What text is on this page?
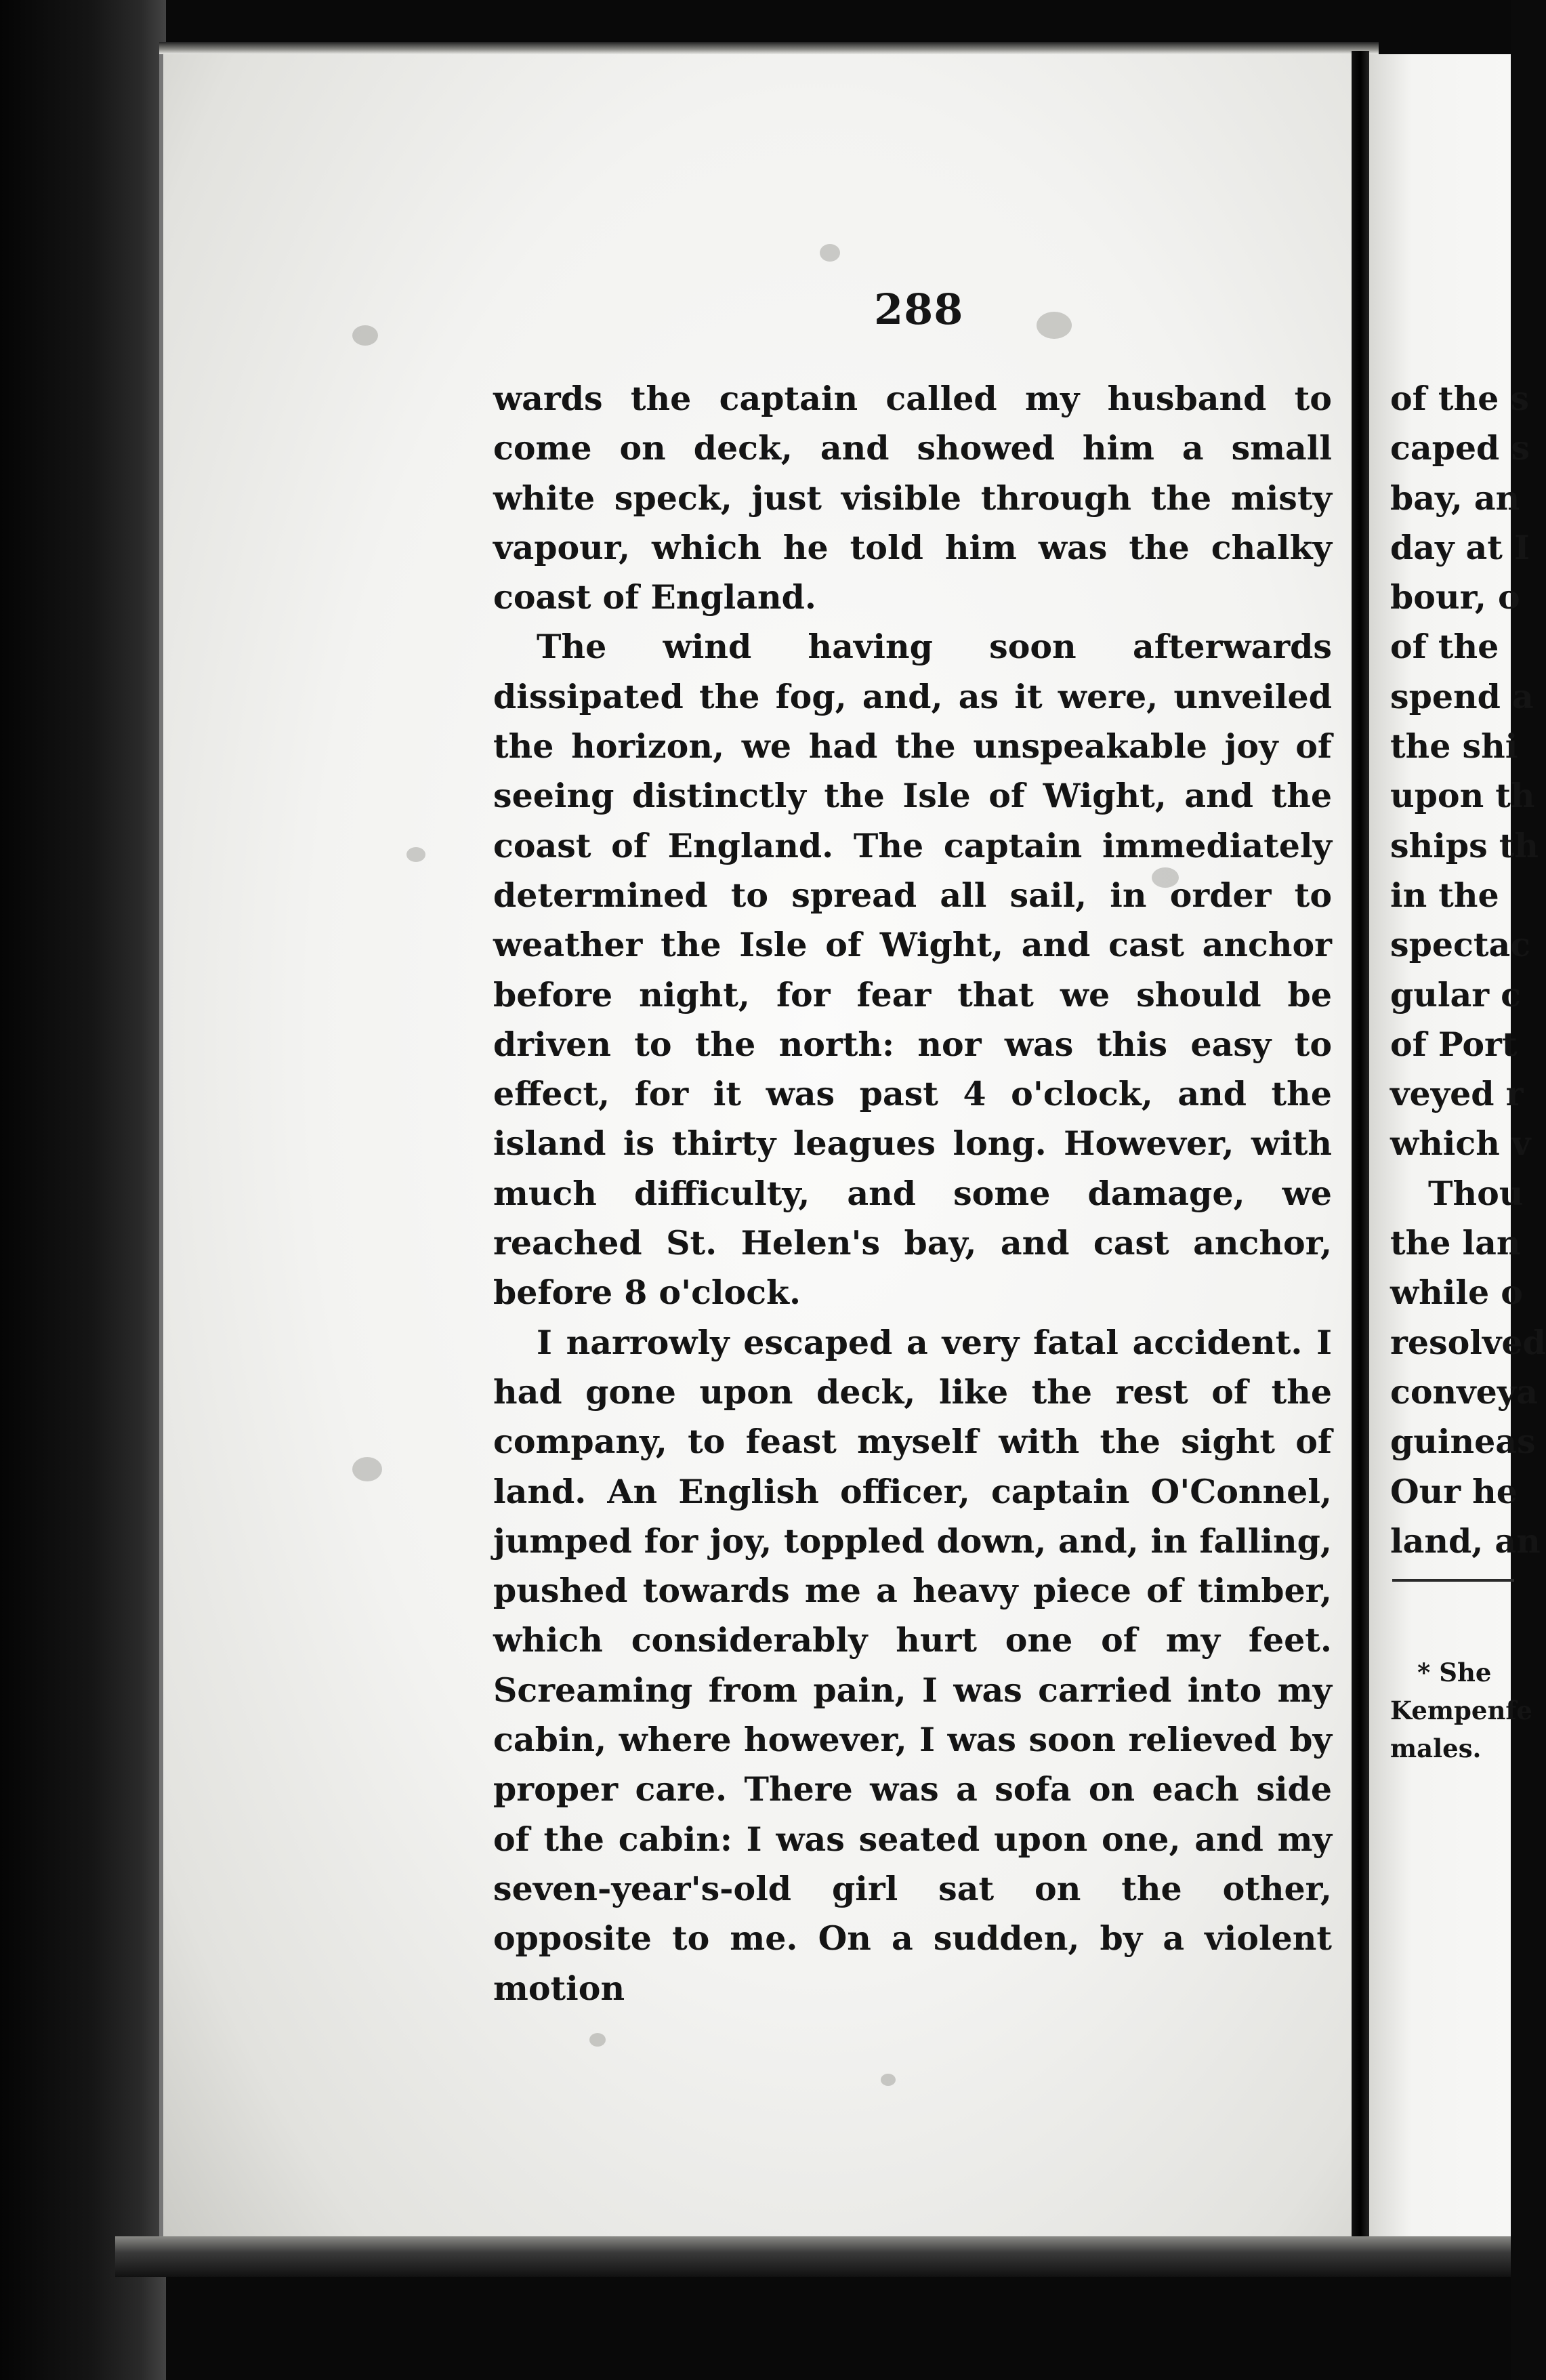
288

wards the captain called my husband to come on deck, and showed him a small white speck, just visible through the misty vapour, which he told him was the chalky coast of England.

The wind having soon afterwards dissipated the fog, and, as it were, unveiled the horizon, we had the unspeakable joy of seeing distinctly the Isle of Wight, and the coast of England. The captain immediately determined to spread all sail, in order to weather the Isle of Wight, and cast anchor before night, for fear that we should be driven to the north: nor was this easy to effect, for it was past 4 o'clock, and the island is thirty leagues long. However, with much difficulty, and some damage, we reached St. Helen's bay, and cast anchor, before 8 o'clock.

I narrowly escaped a very fatal accident. I had gone upon deck, like the rest of the company, to feast myself with the sight of land. An English officer, captain O'Connel, jumped for joy, toppled down, and, in falling, pushed towards me a heavy piece of timber, which considerably hurt one of my feet. Screaming from pain, I was carried into my cabin, where however, I was soon relieved by proper care. There was a sofa on each side of the cabin: I was seated upon one, and my seven-year's-old girl sat on the other, opposite to me. On a sudden, by a violent motion

of the s
caped s
bay, an
day at I
bour, o
of the
spend a
the shi
upon th
ships th
in the
spectac
gular c
of Port
veyed r
which v
Thou
the lan
while o
resolved
conveya
guineas
Our he
land, an
* She
Kempenfe
males.
